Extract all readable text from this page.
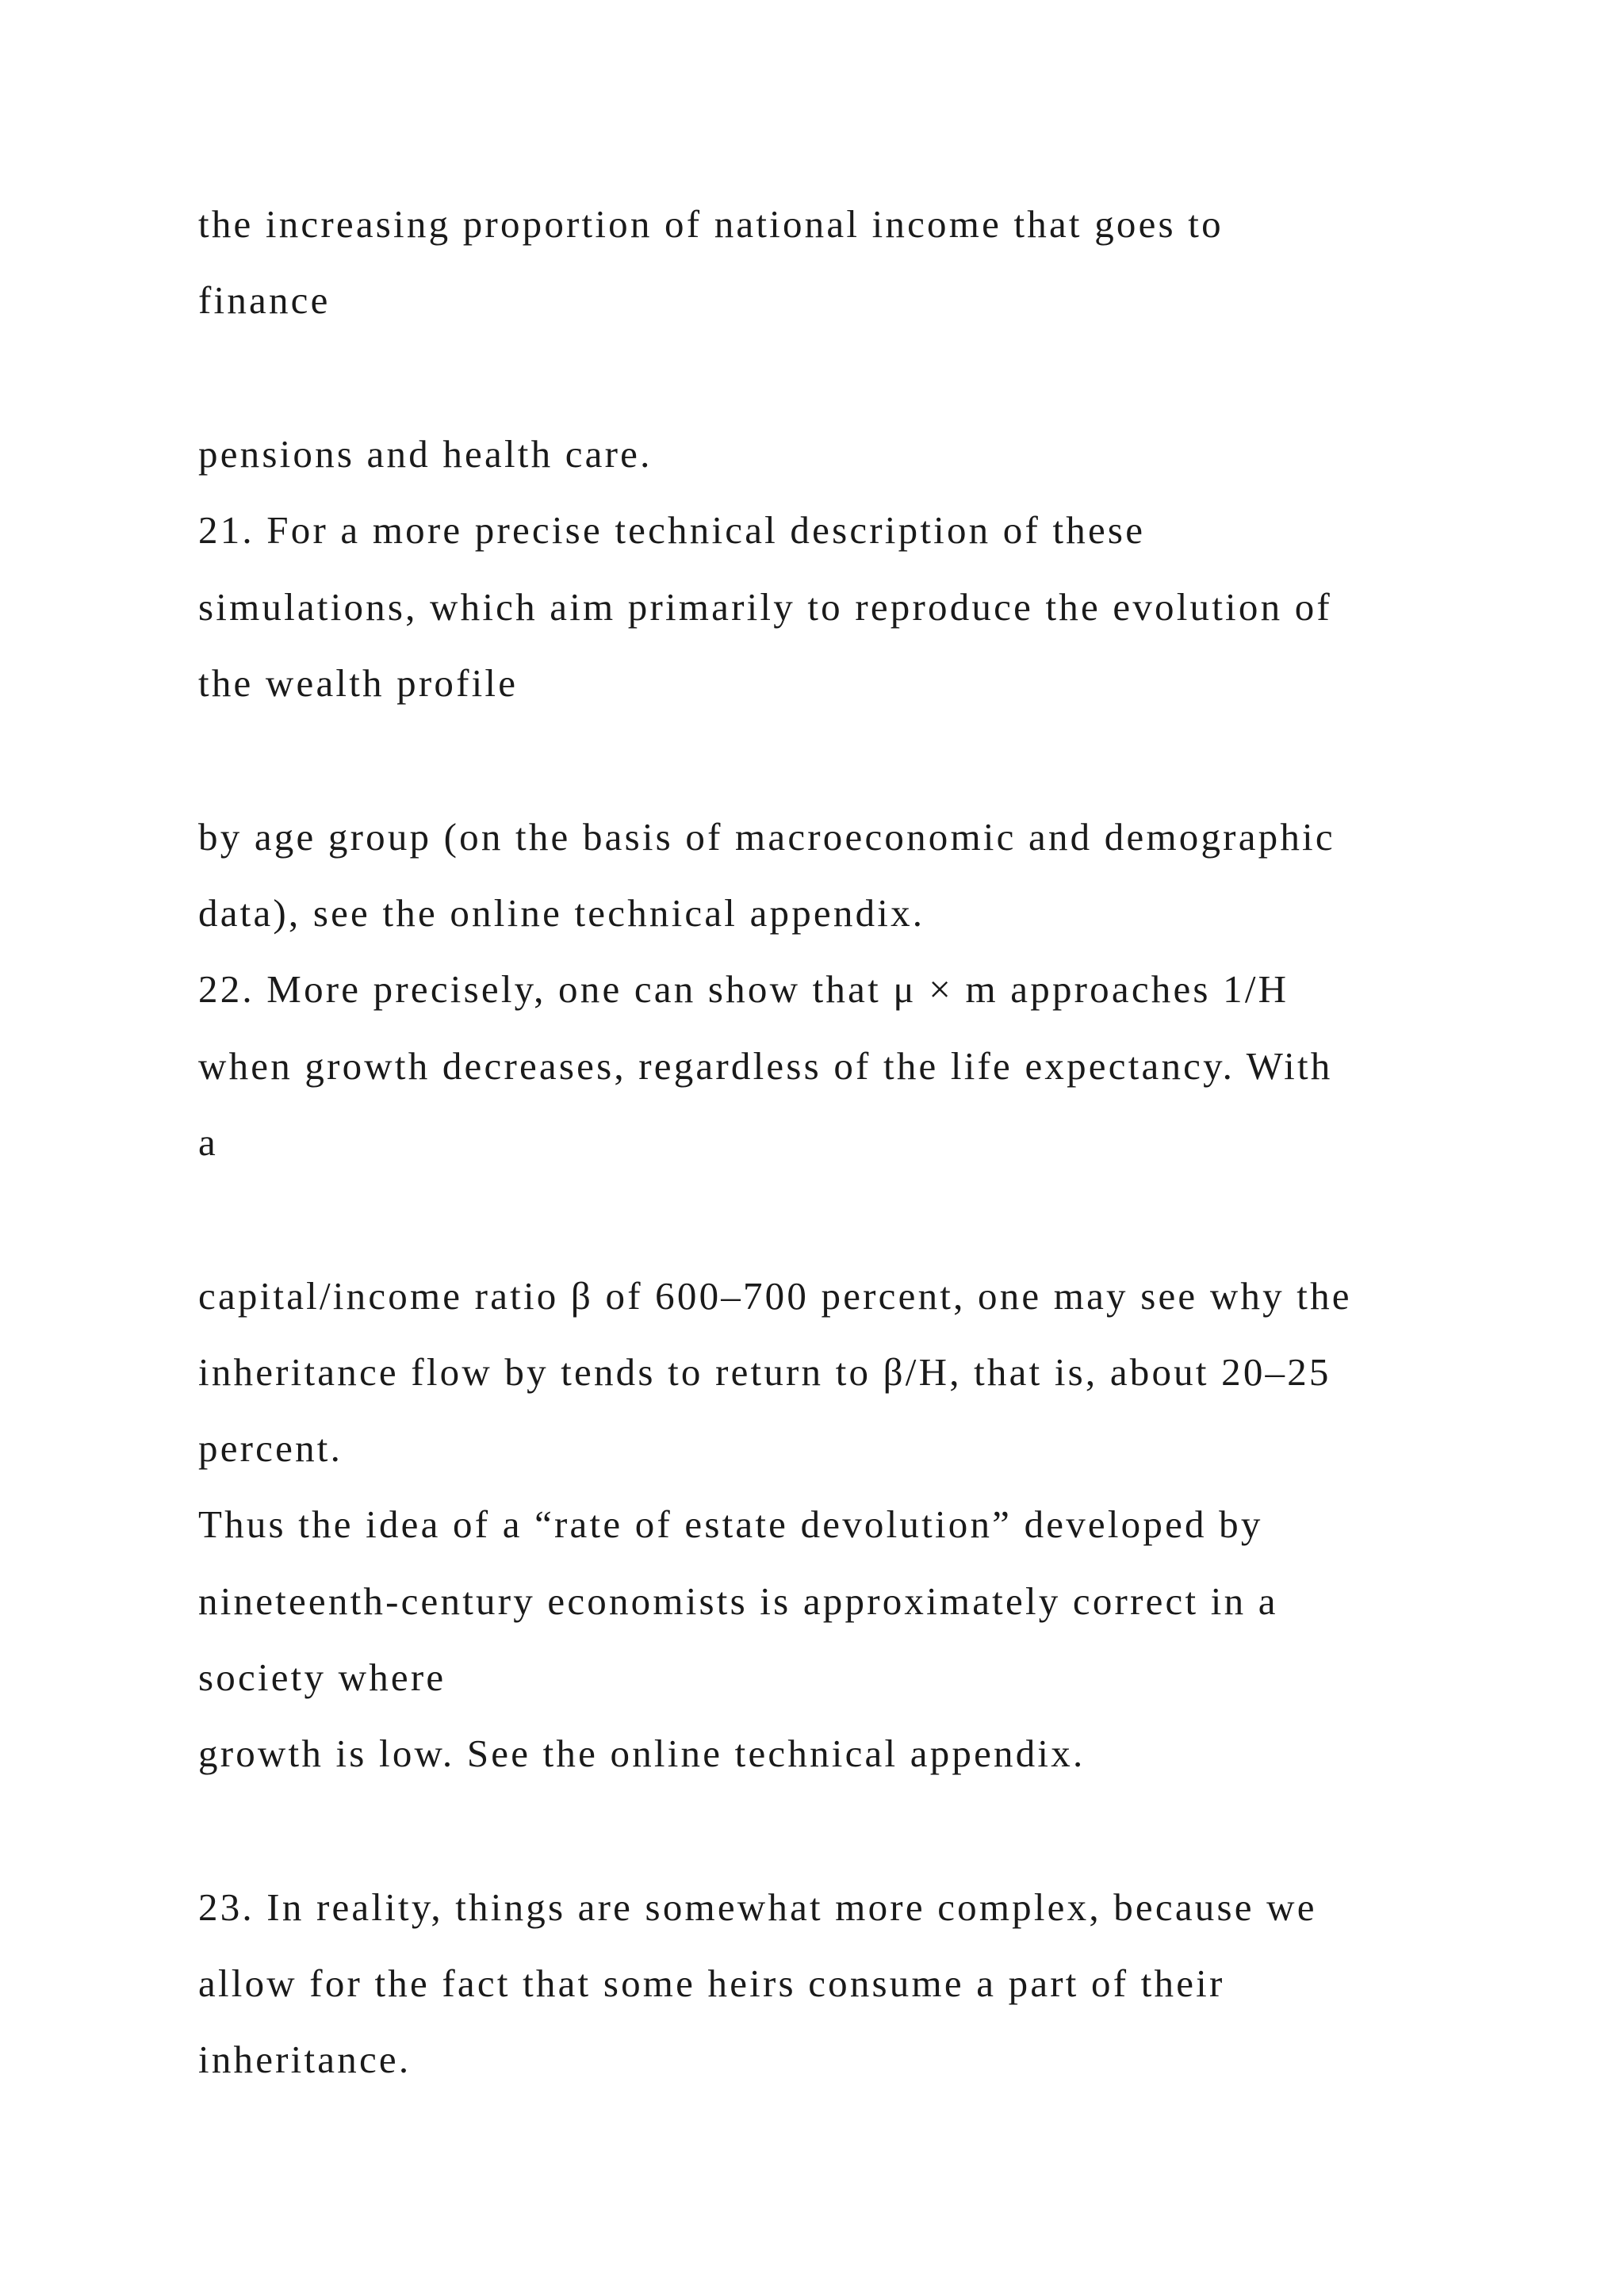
the increasing proportion of national income that goes to

finance

pensions and health care.

21. For a more precise technical description of these

simulations, which aim primarily to reproduce the evolution of

the wealth profile

by age group (on the basis of macroeconomic and demographic

data), see the online technical appendix.

22. More precisely, one can show that μ × m approaches 1/H

when growth decreases, regardless of the life expectancy. With

a

capital/income ratio β of 600–700 percent, one may see why the

inheritance flow by tends to return to β/H, that is, about 20–25

percent.

Thus the idea of a “rate of estate devolution” developed by

nineteenth-century economists is approximately correct in a

society where

growth is low. See the online technical appendix.

23. In reality, things are somewhat more complex, because we

allow for the fact that some heirs consume a part of their

inheritance.
